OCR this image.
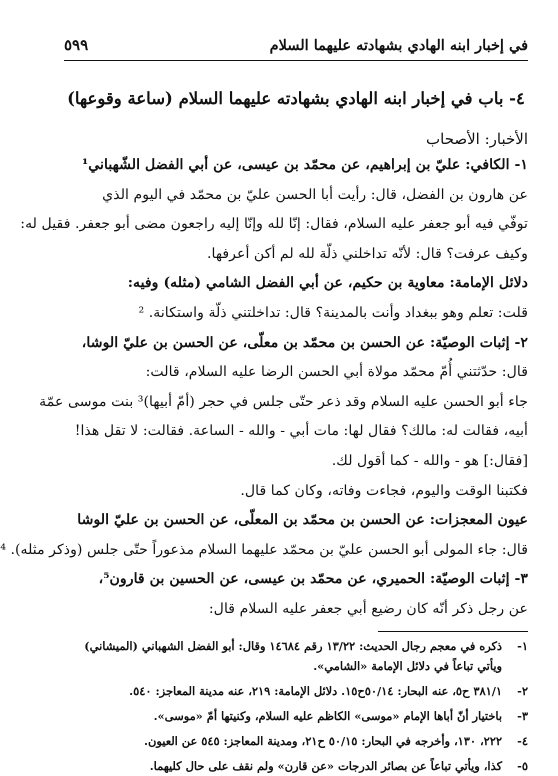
في إخبار ابنه الهادي بشهادته عليهما السلام
٥٩٩
٤- باب في إخبار ابنه الهادي بشهادته عليهما السلام (ساعة وقوعها)
الأخبار: الأصحاب
١- الكافي: عليّ بن إبراهيم، عن محمّد بن عيسى، عن أبي الفضل الشّهباني¹
عن هارون بن الفضل، قال: رأيت أبا الحسن عليّ بن محمّد في اليوم الذي
توفّي فيه أبو جعفر عليه السلام، فقال: إنّا لله وإنّا إليه راجعون مضى أبو جعفر. فقيل له:
وكيف عرفت؟ قال: لأنّه تداخلني ذلّة لله لم أكن أعرفها.
دلائل الإمامة: معاوية بن حكيم، عن أبي الفضل الشامي (مثله) وفيه:
قلت: تعلم وهو ببغداد وأنت بالمدينة؟ قال: تداخلتني ذلّة واستكانة. ²
٢- إثبات الوصيّة: عن الحسن بن محمّد بن معلّى، عن الحسن بن عليّ الوشا،
قال: حدّثتني أُمّ محمّد مولاة أبي الحسن الرضا عليه السلام، قالت:
جاء أبو الحسن عليه السلام وقد ذعر حتّى جلس في حجر (أمّ أبيها)³ بنت موسى عمّة
أبيه، فقالت له: مالك؟ فقال لها: مات أبي - والله - الساعة. فقالت: لا تقل هذا!
[فقال:] هو - والله - كما أقول لك.
فكتبنا الوقت واليوم، فجاءت وفاته، وكان كما قال.
عيون المعجزات: عن الحسن بن محمّد بن المعلّى، عن الحسن بن عليّ الوشا
قال: جاء المولى أبو الحسن عليّ بن محمّد عليهما السلام مذعوراً حتّى جلس (وذكر مثله). ⁴
٣- إثبات الوصيّة: الحميري، عن محمّد بن عيسى، عن الحسين بن قارون⁵،
عن رجل ذكر أنّه كان رضيع أبي جعفر عليه السلام قال:
١-
ذكره في معجم رجال الحديث: ١٣/٢٢ رقم ١٤٦٨٤ وقال: أبو الفضل الشهباني (الميشاني)
ويأتي تباعاً في دلائل الإمامة «الشامي».
٢-
٣٨١/١ ح٥، عنه البحار: ٥٠/١٤ح١٥. دلائل الإمامة: ٢١٩، عنه مدينة المعاجز: ٥٤٠.
٣-
باختيار أنّ أباها الإمام «موسى» الكاظم عليه السلام، وكنيتها أمّ «موسى».
٤-
٢٢٢، ١٣٠، وأخرجه في البحار: ٥٠/١٥ ح٢١، ومدينة المعاجز: ٥٤٥ عن العيون.
٥-
كذا، ويأتي تباعاً عن بصائر الدرجات «عن قارن» ولم نقف على حال كليهما.
